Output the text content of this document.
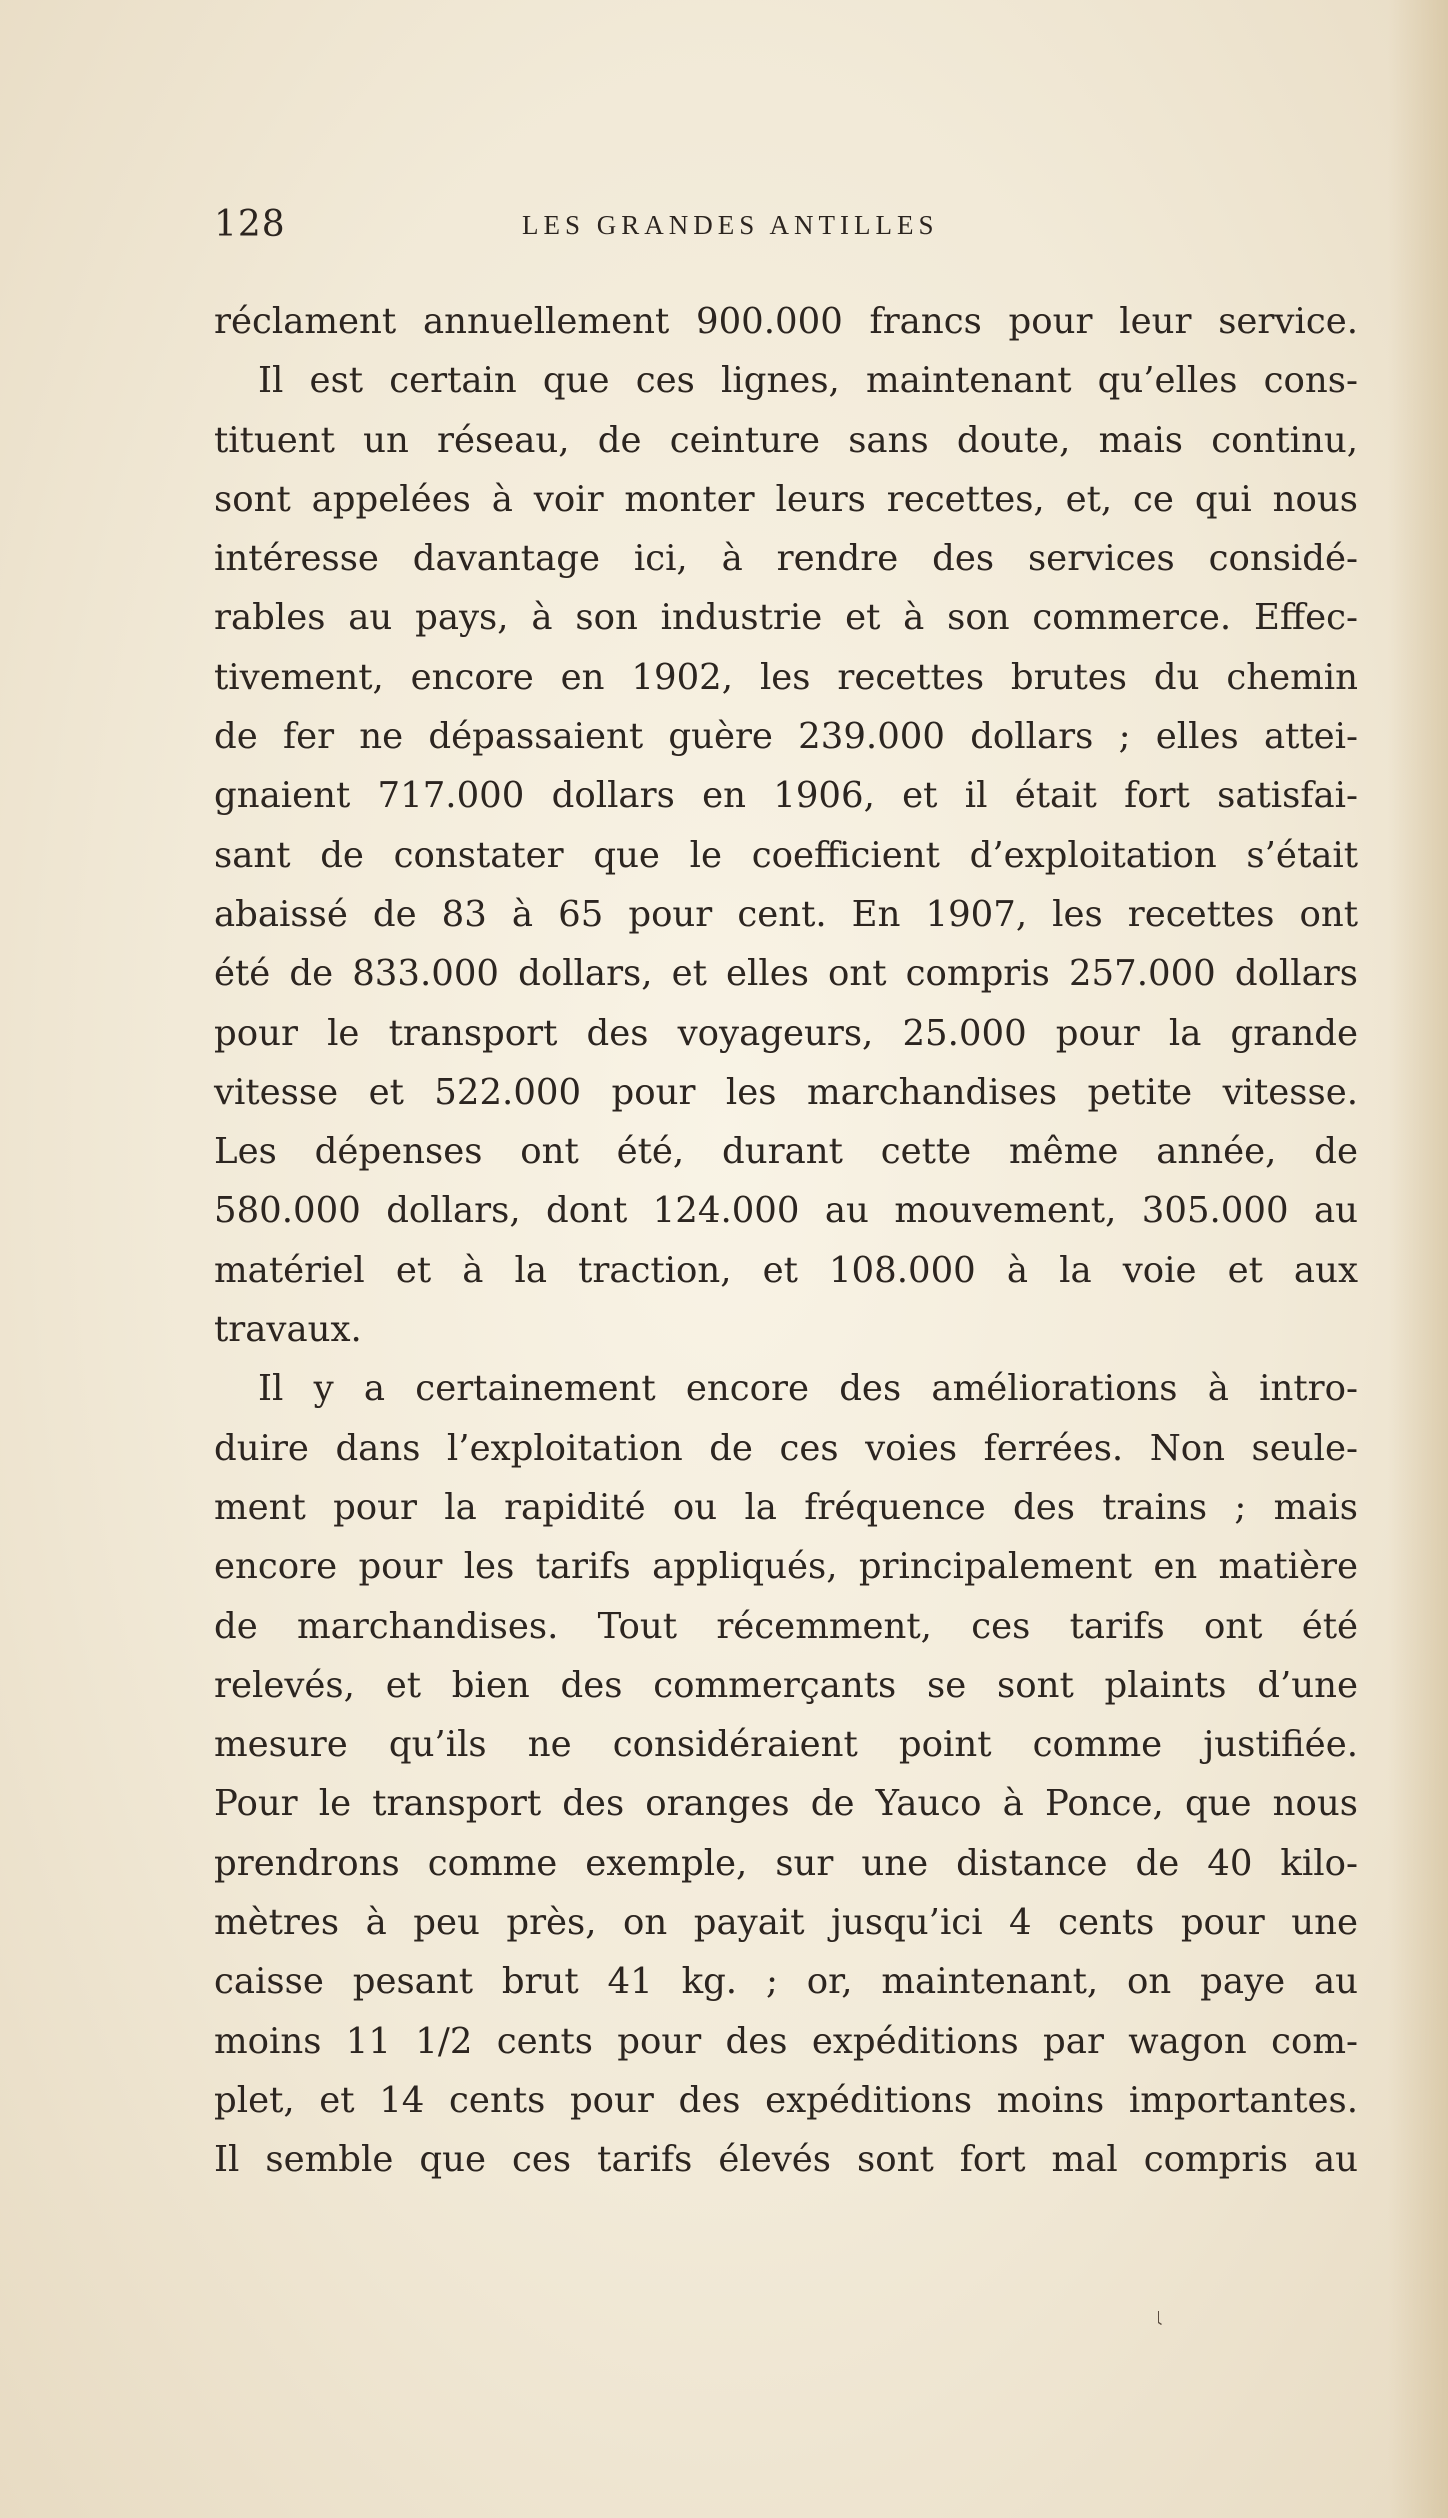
128	LES GRANDES ANTILLES
réclament annuellement 900.000 francs pour leur service.
Il est certain que ces lignes, maintenant qu’elles cons-
tituent un réseau, de ceinture sans doute, mais continu,
sont appelées à voir monter leurs recettes, et, ce qui nous
intéresse davantage ici, à rendre des services considé-
rables au pays, à son industrie et à son commerce. Effec-
tivement, encore en 1902, les recettes brutes du chemin
de fer ne dépassaient guère 239.000 dollars ; elles attei-
gnaient 717.000 dollars en 1906, et il était fort satisfai-
sant de constater que le coefficient d’exploitation s’était
abaissé de 83 à 65 pour cent. En 1907, les recettes ont
été de 833.000 dollars, et elles ont compris 257.000 dollars
pour le transport des voyageurs, 25.000 pour la grande
vitesse et 522.000 pour les marchandises petite vitesse.
Les dépenses ont été, durant cette même année, de
580.000 dollars, dont 124.000 au mouvement, 305.000 au
matériel et à la traction, et 108.000 à la voie et aux
travaux.
Il y a certainement encore des améliorations à intro-
duire dans l’exploitation de ces voies ferrées. Non seule-
ment pour la rapidité ou la fréquence des trains ; mais
encore pour les tarifs appliqués, principalement en matière
de marchandises. Tout récemment, ces tarifs ont été
relevés, et bien des commerçants se sont plaints d’une
mesure qu’ils ne considéraient point comme justifiée.
Pour le transport des oranges de Yauco à Ponce, que nous
prendrons comme exemple, sur une distance de 40 kilo-
mètres à peu près, on payait jusqu’ici 4 cents pour une
caisse pesant brut 41 kg. ; or, maintenant, on paye au
moins 11 1/2 cents pour des expéditions par wagon com-
plet, et 14 cents pour des expéditions moins importantes.
Il semble que ces tarifs élevés sont fort mal compris au
